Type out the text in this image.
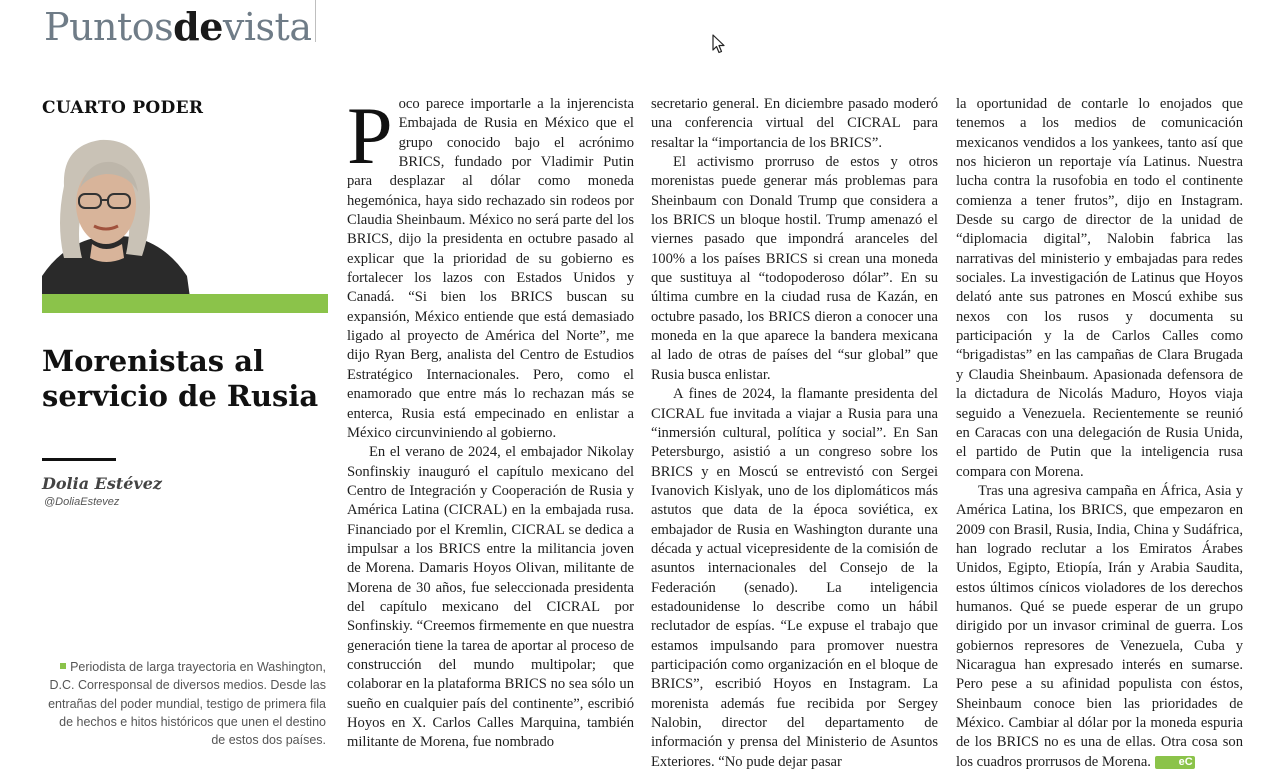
Puntosdevista
CUARTO PODER
Morenistas al servicio de Rusia
Dolia Estévez
@DoliaEstevez

Periodista de larga trayectoria en Washington, D.C. Corresponsal de diversos medios. Desde las entrañas del poder mundial, testigo de primera fila de hechos e hitos históricos que unen el destino de estos dos países.

Poco parece importarle a la injerencista Embajada de Rusia en México que el grupo conocido bajo el acrónimo BRICS, fundado por Vladimir Putin para desplazar al dólar como moneda hegemónica, haya sido rechazado sin rodeos por Claudia Sheinbaum. México no será parte del los BRICS, dijo la presidenta en octubre pasado al explicar que la prioridad de su gobierno es fortalecer los lazos con Estados Unidos y Canadá. “Si bien los BRICS buscan su expansión, México entiende que está demasiado ligado al proyecto de América del Norte”, me dijo Ryan Berg, analista del Centro de Estudios Estratégico Internacionales. Pero, como el enamorado que entre más lo rechazan más se enterca, Rusia está empecinado en enlistar a México circunviniendo al gobierno.

En el verano de 2024, el embajador Nikolay Sonfinskiy inauguró el capítulo mexicano del Centro de Integración y Cooperación de Rusia y América Latina (CICRAL) en la embajada rusa. Financiado por el Kremlin, CICRAL se dedica a impulsar a los BRICS entre la militancia joven de Morena. Damaris Hoyos Olivan, militante de Morena de 30 años, fue seleccionada presidenta del capítulo mexicano del CICRAL por Sonfinskiy. “Creemos firmemente en que nuestra generación tiene la tarea de aportar al proceso de construcción del mundo multipolar; que colaborar en la plataforma BRICS no sea sólo un sueño en cualquier país del continente”, escribió Hoyos en X. Carlos Calles Marquina, también militante de Morena, fue nombrado

secretario general. En diciembre pasado moderó una conferencia virtual del CICRAL para resaltar la “importancia de los BRICS”.

El activismo prorruso de estos y otros morenistas puede generar más problemas para Sheinbaum con Donald Trump que considera a los BRICS un bloque hostil. Trump amenazó el viernes pasado que impondrá aranceles del 100% a los países BRICS si crean una moneda que sustituya al “todopoderoso dólar”. En su última cumbre en la ciudad rusa de Kazán, en octubre pasado, los BRICS dieron a conocer una moneda en la que aparece la bandera mexicana al lado de otras de países del “sur global” que Rusia busca enlistar.

A fines de 2024, la flamante presidenta del CICRAL fue invitada a viajar a Rusia para una “inmersión cultural, política y social”. En San Petersburgo, asistió a un congreso sobre los BRICS y en Moscú se entrevistó con Sergei Ivanovich Kislyak, uno de los diplomáticos más astutos que data de la época soviética, ex embajador de Rusia en Washington durante una década y actual vicepresidente de la comisión de asuntos internacionales del Consejo de la Federación (senado). La inteligencia estadounidense lo describe como un hábil reclutador de espías. “Le expuse el trabajo que estamos impulsando para promover nuestra participación como organización en el bloque de BRICS”, escribió Hoyos en Instagram. La morenista además fue recibida por Sergey Nalobin, director del departamento de información y prensa del Ministerio de Asuntos Exteriores. “No pude dejar pasar

la oportunidad de contarle lo enojados que tenemos a los medios de comunicación mexicanos vendidos a los yankees, tanto así que nos hicieron un reportaje vía Latinus. Nuestra lucha contra la rusofobia en todo el continente comienza a tener frutos”, dijo en Instagram. Desde su cargo de director de la unidad de “diplomacia digital”, Nalobin fabrica las narrativas del ministerio y embajadas para redes sociales. La investigación de Latinus que Hoyos delató ante sus patrones en Moscú exhibe sus nexos con los rusos y documenta su participación y la de Carlos Calles como “brigadistas” en las campañas de Clara Brugada y Claudia Sheinbaum. Apasionada defensora de la dictadura de Nicolás Maduro, Hoyos viaja seguido a Venezuela. Recientemente se reunió en Caracas con una delegación de Rusia Unida, el partido de Putin que la inteligencia rusa compara con Morena.

Tras una agresiva campaña en África, Asia y América Latina, los BRICS, que empezaron en 2009 con Brasil, Rusia, India, China y Sudáfrica, han logrado reclutar a los Emiratos Árabes Unidos, Egipto, Etiopía, Irán y Arabia Saudita, estos últimos cínicos violadores de los derechos humanos. Qué se puede esperar de un grupo dirigido por un invasor criminal de guerra. Los gobiernos represores de Venezuela, Cuba y Nicaragua han expresado interés en sumarse. Pero pese a su afinidad populista con éstos, Sheinbaum conoce bien las prioridades de México. Cambiar al dólar por la moneda espuria de los BRICS no es una de ellas. Otra cosa son los cuadros prorrusos de Morena.	eC
